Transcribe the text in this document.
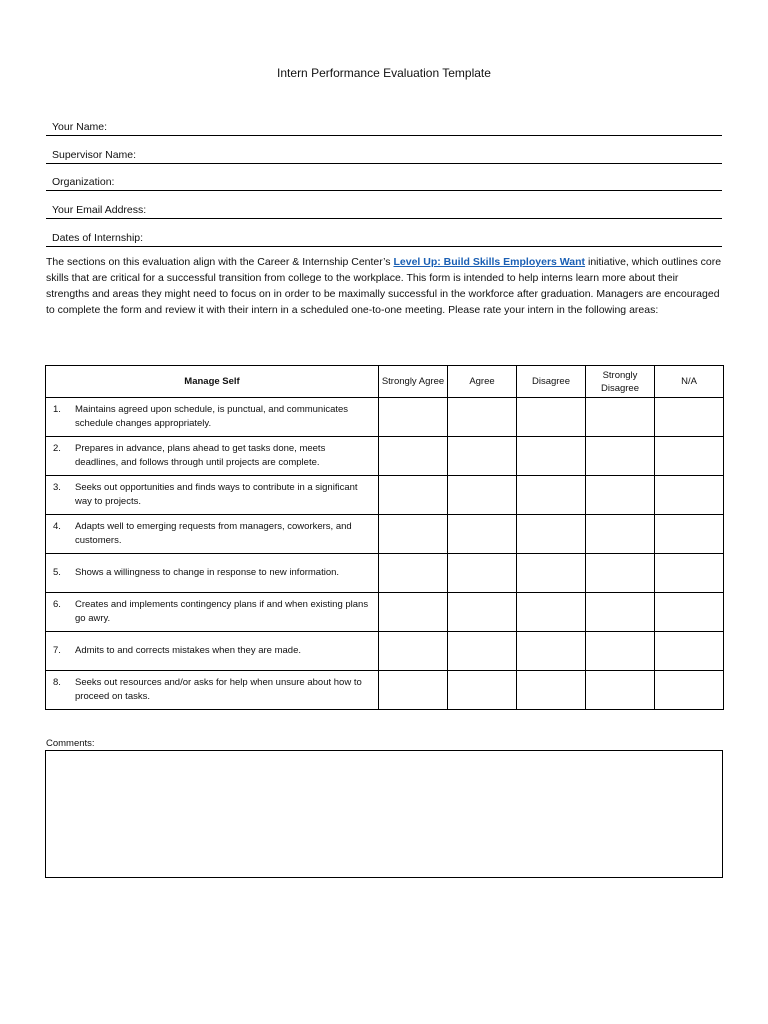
Intern Performance Evaluation Template
Your Name:
Supervisor Name:
Organization:
Your Email Address:
Dates of Internship:

The sections on this evaluation align with the Career & Internship Center’s Level Up: Build Skills Employers Want initiative, which outlines core skills that are critical for a successful transition from college to the workplace. This form is intended to help interns learn more about their strengths and areas they might need to focus on in order to be maximally successful in the workforce after graduation. Managers are encouraged to complete the form and review it with their intern in a scheduled one-to-one meeting. Please rate your intern in the following areas:

Manage Self	Strongly Agree	Agree	Disagree	Strongly Disagree	N/A

1. Maintains agreed upon schedule, is punctual, and communicates schedule changes appropriately.					

2. Prepares in advance, plans ahead to get tasks done, meets deadlines, and follows through until projects are complete.					

3. Seeks out opportunities and finds ways to contribute in a significant way to projects.					

4. Adapts well to emerging requests from managers, coworkers, and customers.					

5. Shows a willingness to change in response to new information.					

6. Creates and implements contingency plans if and when existing plans go awry.					

7. Admits to and corrects mistakes when they are made.					

8. Seeks out resources and/or asks for help when unsure about how to proceed on tasks.					

Comments:
